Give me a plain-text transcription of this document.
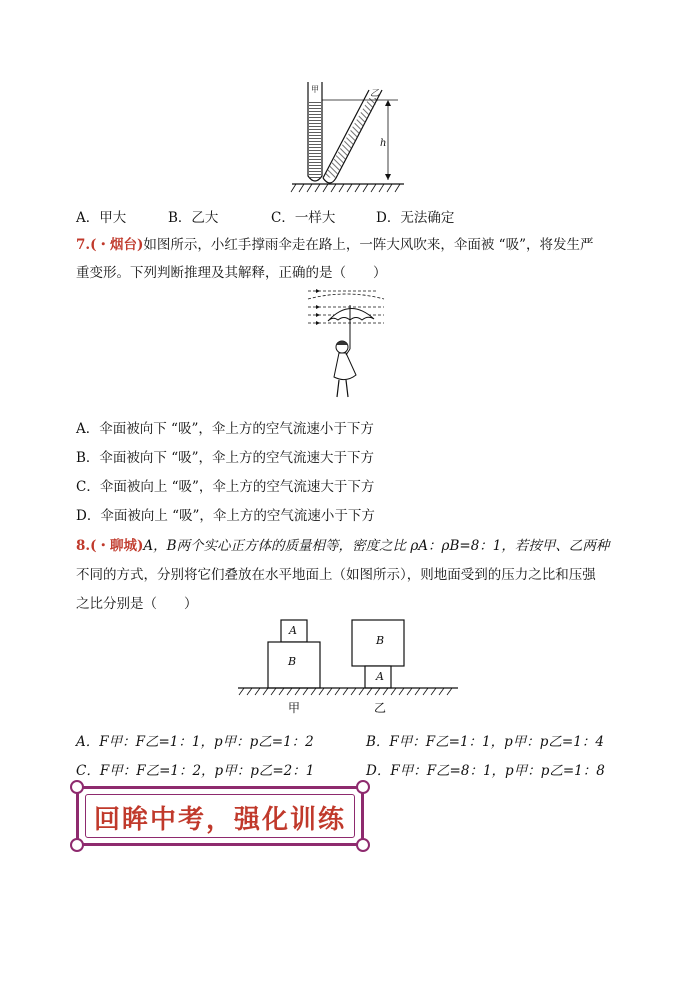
甲	乙
h
A．甲大	B．乙大	C．一样大	D．无法确定
7.(・烟台)如图所示，小红手撑雨伞走在路上，一阵大风吹来，伞面被 “吸”，将发生严
重变形。下列判断推理及其解释，正确的是（　　）
A．伞面被向下 “吸”，伞上方的空气流速小于下方
B．伞面被向下 “吸”，伞上方的空气流速大于下方
C．伞面被向上 “吸”，伞上方的空气流速大于下方
D．伞面被向上 “吸”，伞上方的空气流速小于下方
8.(・聊城)A，B两个实心正方体的质量相等，密度之比 ρA：ρB=8：1，若按甲、乙两种
不同的方式，分别将它们叠放在水平地面上（如图所示），则地面受到的压力之比和压强
之比分别是（　　）
A
B
B
A
甲	乙
A．F甲：F乙=1：1，p甲：p乙=1：2	B．F甲：F乙=1：1，p甲：p乙=1：4
C．F甲：F乙=1：2，p甲：p乙=2：1	D．F甲：F乙=8：1，p甲：p乙=1：8
回眸中考，强化训练
